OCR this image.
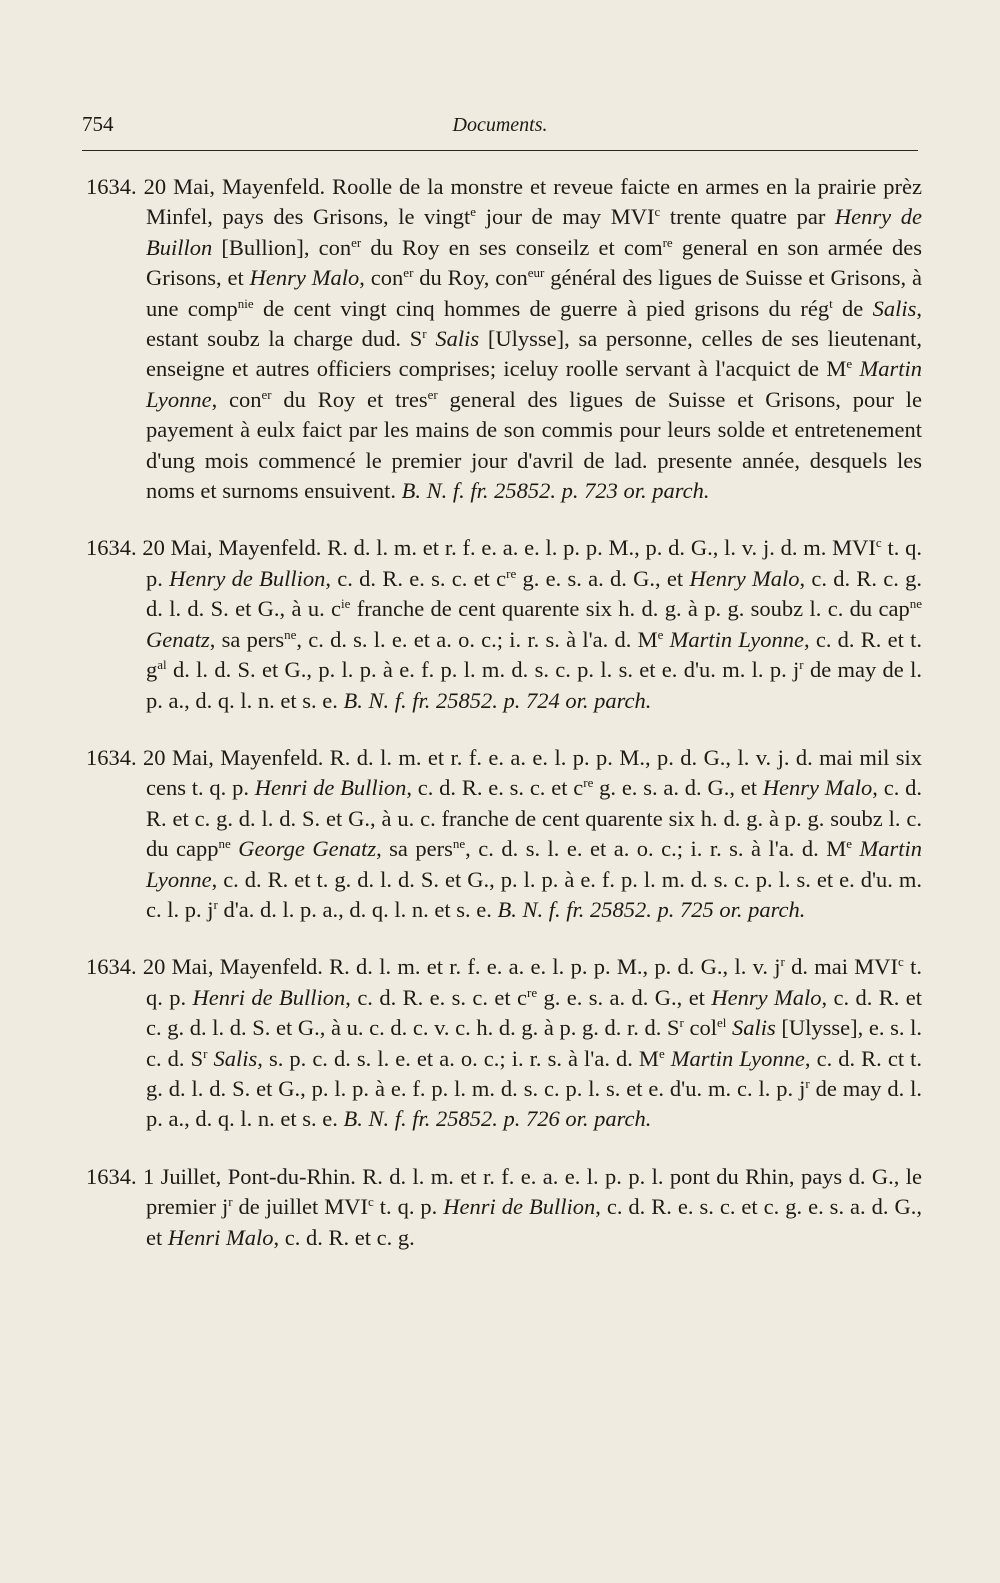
754	Documents.

1634. 20 Mai, Mayenfeld. Roolle de la monstre et reveue faicte en armes en la prairie prèz Minfel, pays des Grisons, le vingt$^e$ jour de may MVI$^c$ trente quatre par Henry de Buillon [Bullion], con$^{er}$ du Roy en ses conseilz et com$^{re}$ general en son armée des Grisons, et Henry Malo, con$^{er}$ du Roy, con$^{eur}$ général des ligues de Suisse et Grisons, à une comp$^{nie}$ de cent vingt cinq hommes de guerre à pied grisons du rég$^t$ de Salis, estant soubz la charge dud. $S^r$ Salis [Ulysse], sa personne, celles de ses lieutenant, enseigne et autres officiers comprises; iceluy roolle servant à l'acquict de Me Martin Lyonne, con$^{er}$ du Roy et tres$^{er}$ general des ligues de Suisse et Grisons, pour le payement à eulx faict par les mains de son commis pour leurs solde et entretenement d'ung mois commencé le premier jour d'avril de lad. presente année, desquels les noms et surnoms ensuivent. B. N. f. fr. 25852. p. 723 or. parch.

1634. 20 Mai, Mayenfeld. R. d. l. m. et r. f. e. a. e. l. p. p. M., p. d. G., l. v. j. d. m. MVI$^c$ t. q. p. Henry de Bullion, c. d. R. e. s. c. et $c^{re}$ g. e. s. a. d. G., et Henry Malo, c. d. R. c. g. d. l. d. S. et G., à u. $c^{ie}$ franche de cent quarente six h. d. g. à p. g. soubz l. c. du cap$^{ne}$ Genatz, sa pers$^{ne}$, c. d. s. l. e. et a. o. c.; i. r. s. à l'a. d. Me Martin Lyonne, c. d. R. et t. $g^{al}$ d. l. d. S. et G., p. l. p. à e. f. p. l. m. d. s. c. p. l. s. et e. d'u. m. l. p. $j^r$ de may de l. p. a., d. q. l. n. et s. e. B. N. f. fr. 25852. p. 724 or. parch.

1634. 20 Mai, Mayenfeld. R. d. l. m. et r. f. e. a. e. l. p. p. M., p. d. G., l. v. j. d. mai mil six cens t. q. p. Henri de Bullion, c. d. R. e. s. c. et $c^{re}$ g. e. s. a. d. G., et Henry Malo, c. d. R. et c. g. d. l. d. S. et G., à u. c. franche de cent quarente six h. d. g. à p. g. soubz l. c. du capp$^{ne}$ George Genatz, sa pers$^{ne}$, c. d. s. l. e. et a. o. c.; i. r. s. à l'a. d. Me Martin Lyonne, c. d. R. et t. g. d. l. d. S. et G., p. l. p. à e. f. p. l. m. d. s. c. p. l. s. et e. d'u. m. c. l. p. $j^r$ d'a. d. l. p. a., d. q. l. n. et s. e. B. N. f. fr. 25852. p. 725 or. parch.

1634. 20 Mai, Mayenfeld. R. d. l. m. et r. f. e. a. e. l. p. p. M., p. d. G., l. v. $j^r$ d. mai MVI$^c$ t. q. p. Henri de Bullion, c. d. R. e. s. c. et $c^{re}$ g. e. s. a. d. G., et Henry Malo, c. d. R. et c. g. d. l. d. S. et G., à u. c. d. c. v. c. h. d. g. à p. g. d. r. d. $S^r$ col$^{el}$ Salis [Ulysse], e. s. l. c. d. $S^r$ Salis, s. p. c. d. s. l. e. et a. o. c.; i. r. s. à l'a. d. Me Martin Lyonne, c. d. R. ct t. g. d. l. d. S. et G., p. l. p. à e. f. p. l. m. d. s. c. p. l. s. et e. d'u. m. c. l. p. $j^r$ de may d. l. p. a., d. q. l. n. et s. e. B. N. f. fr. 25852. p. 726 or. parch.

1634. 1 Juillet, Pont-du-Rhin. R. d. l. m. et r. f. e. a. e. l. p. p. l. pont du Rhin, pays d. G., le premier $j^r$ de juillet MVI$^c$ t. q. p. Henri de Bullion, c. d. R. e. s. c. et c. g. e. s. a. d. G., et Henri Malo, c. d. R. et c. g.
